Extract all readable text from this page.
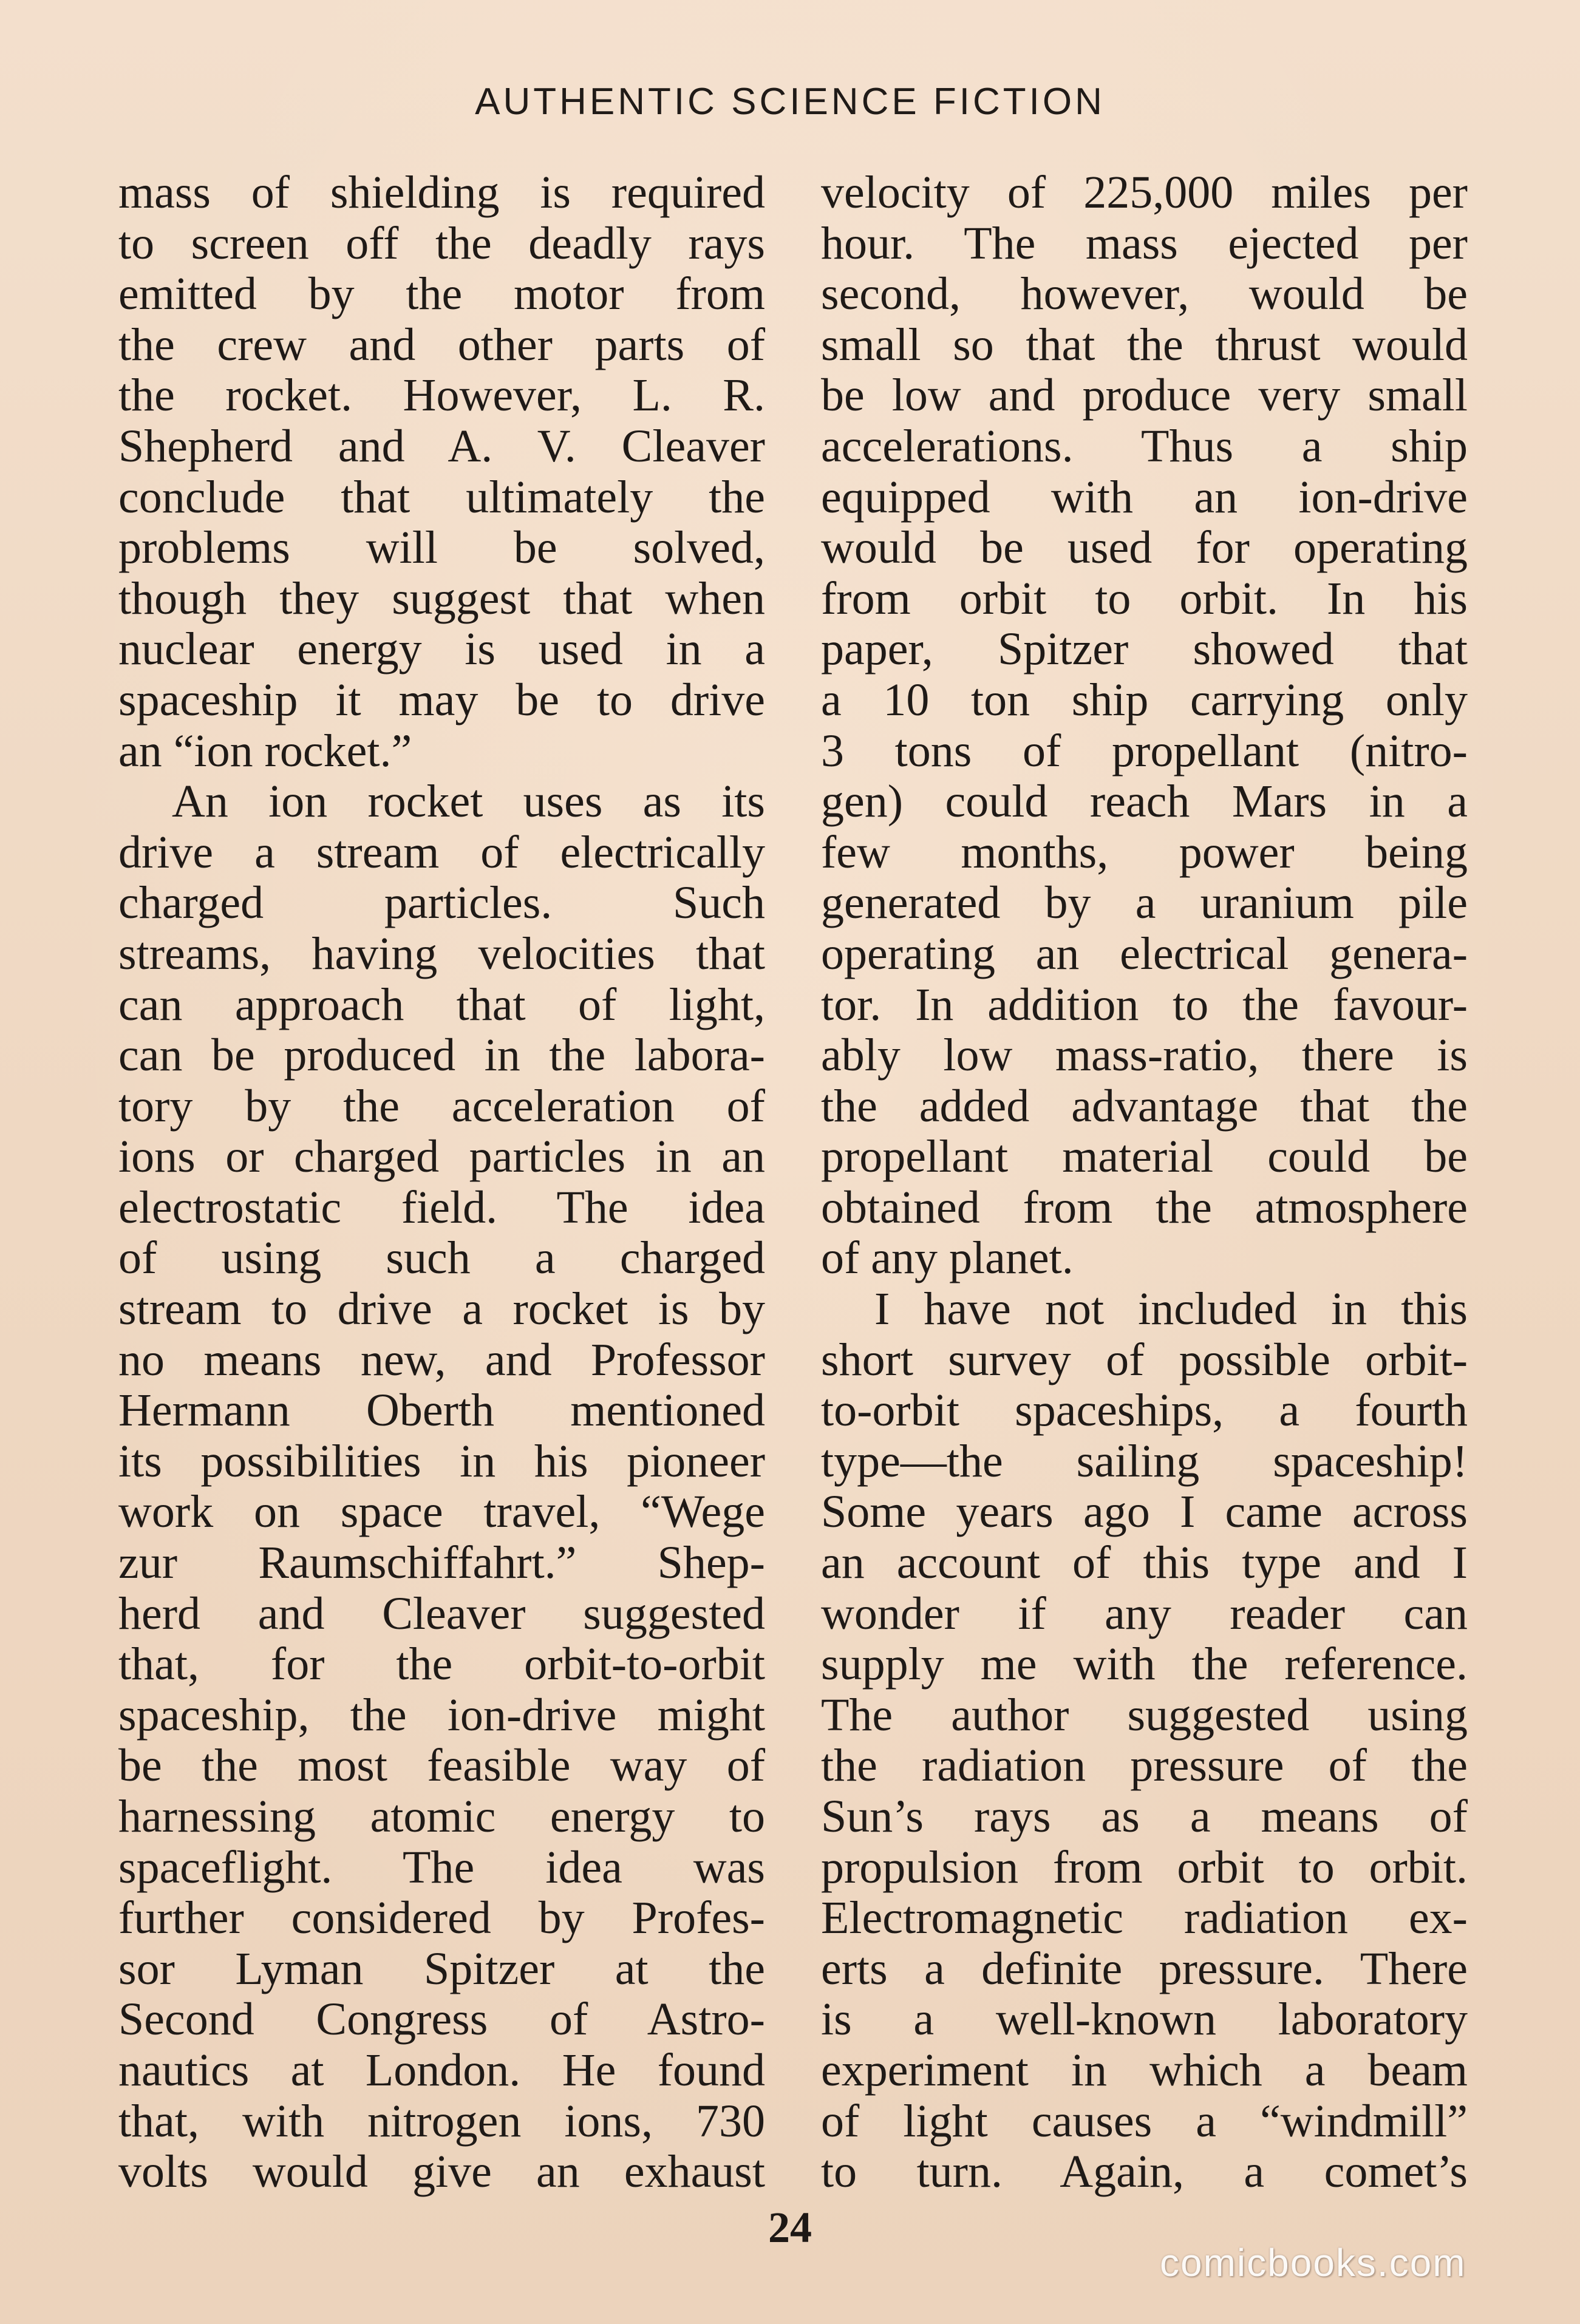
AUTHENTIC SCIENCE FICTION
mass of shielding is required
to screen off the deadly rays
emitted by the motor from
the crew and other parts of
the rocket. However, L. R.
Shepherd and A. V. Cleaver
conclude that ultimately the
problems will be solved,
though they suggest that when
nuclear energy is used in a
spaceship it may be to drive
an “ion rocket.”
An ion rocket uses as its
drive a stream of electrically
charged particles. Such
streams, having velocities that
can approach that of light,
can be produced in the labora-
tory by the acceleration of
ions or charged particles in an
electrostatic field. The idea
of using such a charged
stream to drive a rocket is by
no means new, and Professor
Hermann Oberth mentioned
its possibilities in his pioneer
work on space travel, “Wege
zur Raumschiffahrt.” Shep-
herd and Cleaver suggested
that, for the orbit-to-orbit
spaceship, the ion-drive might
be the most feasible way of
harnessing atomic energy to
spaceflight. The idea was
further considered by Profes-
sor Lyman Spitzer at the
Second Congress of Astro-
nautics at London. He found
that, with nitrogen ions, 730
volts would give an exhaust
velocity of 225,000 miles per
hour. The mass ejected per
second, however, would be
small so that the thrust would
be low and produce very small
accelerations. Thus a ship
equipped with an ion-drive
would be used for operating
from orbit to orbit. In his
paper, Spitzer showed that
a 10 ton ship carrying only
3 tons of propellant (nitro-
gen) could reach Mars in a
few months, power being
generated by a uranium pile
operating an electrical genera-
tor. In addition to the favour-
ably low mass-ratio, there is
the added advantage that the
propellant material could be
obtained from the atmosphere
of any planet.
I have not included in this
short survey of possible orbit-
to-orbit spaceships, a fourth
type—the sailing spaceship!
Some years ago I came across
an account of this type and I
wonder if any reader can
supply me with the reference.
The author suggested using
the radiation pressure of the
Sun’s rays as a means of
propulsion from orbit to orbit.
Electromagnetic radiation ex-
erts a definite pressure. There
is a well-known laboratory
experiment in which a beam
of light causes a “windmill”
to turn. Again, a comet’s
24
comicbooks.com
